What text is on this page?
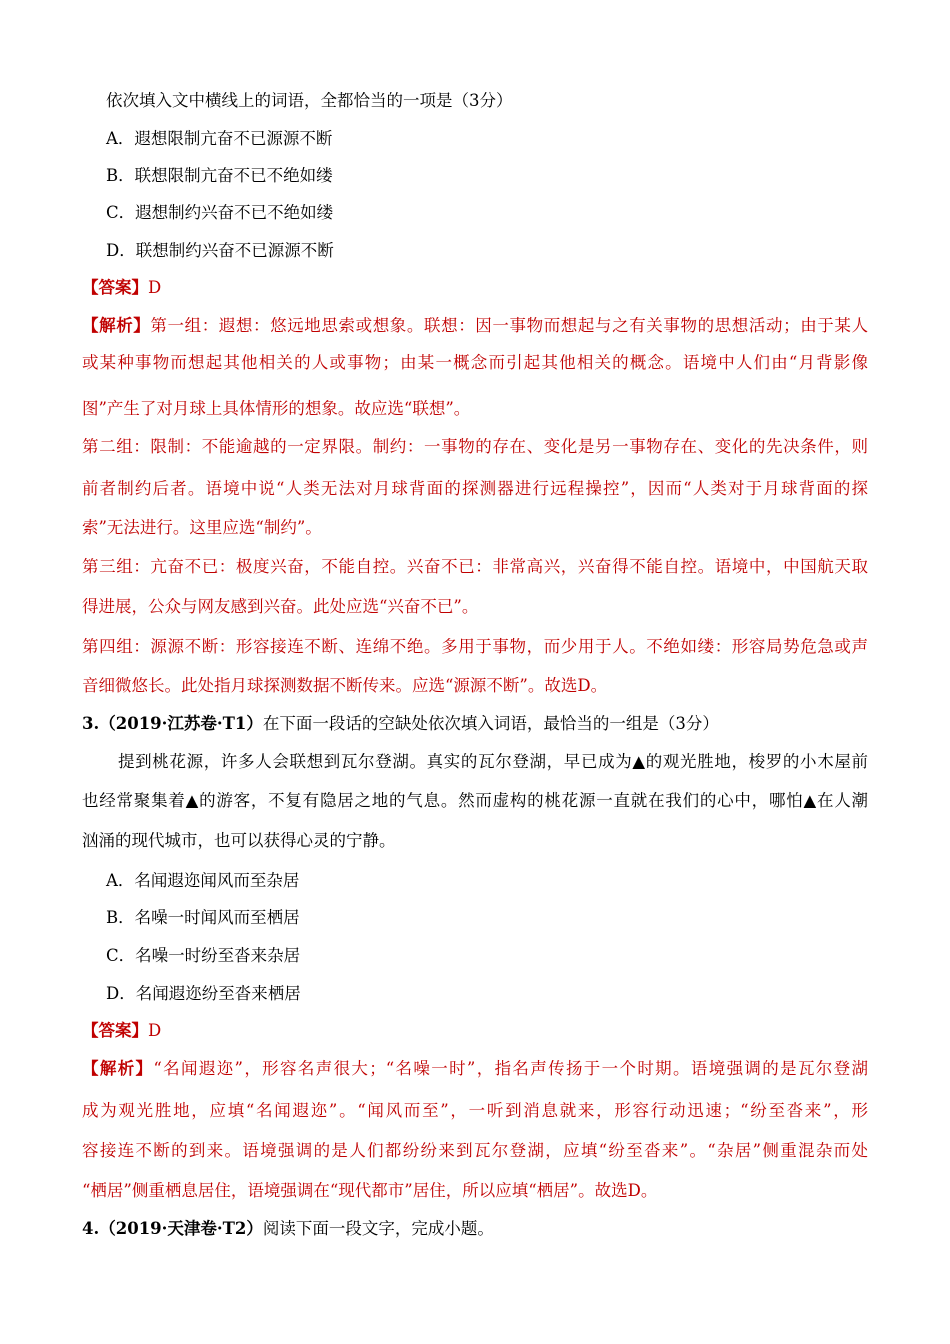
依次填入文中横线上的词语，全都恰当的一项是（3分）
A．遐想限制亢奋不已源源不断
B．联想限制亢奋不已不绝如缕
C．遐想制约兴奋不已不绝如缕
D．联想制约兴奋不已源源不断
【答案】D
【解析】第一组：遐想：悠远地思索或想象。联想：因一事物而想起与之有关事物的思想活动；由于某人
或某种事物而想起其他相关的人或事物；由某一概念而引起其他相关的概念。语境中人们由“月背影像
图”产生了对月球上具体情形的想象。故应选“联想”。
第二组：限制：不能逾越的一定界限。制约：一事物的存在、变化是另一事物存在、变化的先决条件，则
前者制约后者。语境中说“人类无法对月球背面的探测器进行远程操控”，因而“人类对于月球背面的探
索”无法进行。这里应选“制约”。
第三组：亢奋不已：极度兴奋，不能自控。兴奋不已：非常高兴，兴奋得不能自控。语境中，中国航天取
得进展，公众与网友感到兴奋。此处应选“兴奋不已”。
第四组：源源不断：形容接连不断、连绵不绝。多用于事物，而少用于人。不绝如缕：形容局势危急或声
音细微悠长。此处指月球探测数据不断传来。应选“源源不断”。故选D。
3.（2019·江苏卷·T1）在下面一段话的空缺处依次填入词语，最恰当的一组是（3分）
提到桃花源，许多人会联想到瓦尔登湖。真实的瓦尔登湖，早已成为▲的观光胜地，梭罗的小木屋前
也经常聚集着▲的游客，不复有隐居之地的气息。然而虚构的桃花源一直就在我们的心中，哪怕▲在人潮
汹涌的现代城市，也可以获得心灵的宁静。
A．名闻遐迩闻风而至杂居
B．名噪一时闻风而至栖居
C．名噪一时纷至沓来杂居
D．名闻遐迩纷至沓来栖居
【答案】D
【解析】“名闻遐迩”，形容名声很大；“名噪一时”，指名声传扬于一个时期。语境强调的是瓦尔登湖
成为观光胜地，应填“名闻遐迩”。“闻风而至”，一听到消息就来，形容行动迅速；“纷至沓来”，形
容接连不断的到来。语境强调的是人们都纷纷来到瓦尔登湖，应填“纷至沓来”。“杂居”侧重混杂而处
“栖居”侧重栖息居住，语境强调在“现代都市”居住，所以应填“栖居”。故选D。
4.（2019·天津卷·T2）阅读下面一段文字，完成小题。
